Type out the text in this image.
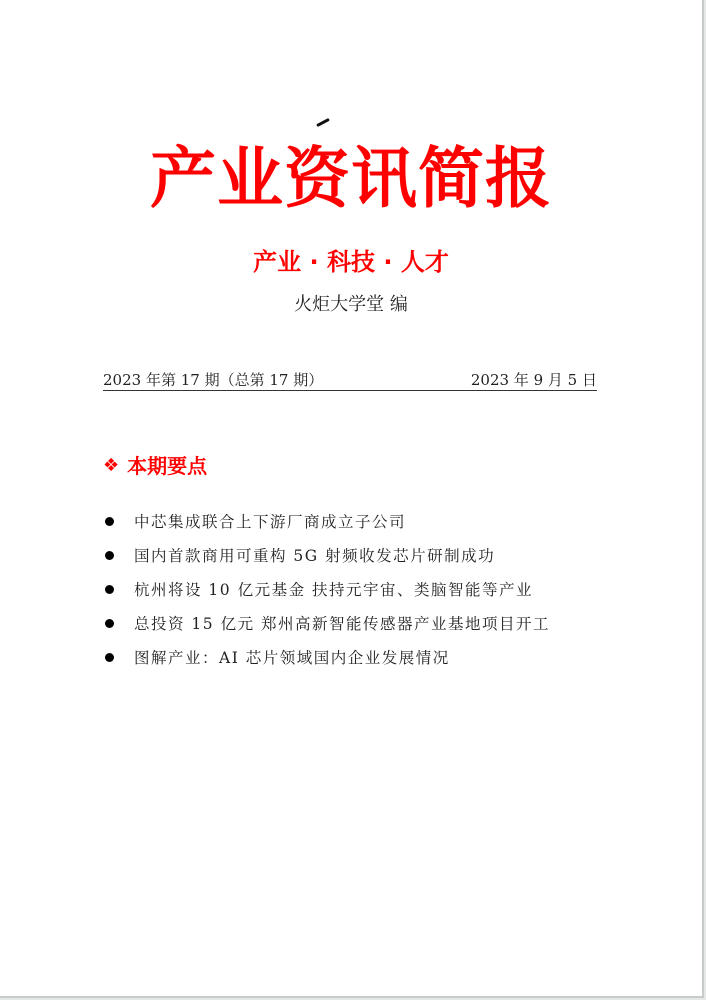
产业资讯简报
产业 · 科技 · 人才
火炬大学堂 编
2023 年第 17 期（总第 17 期）	2023 年 9 月 5 日
❖ 本期要点
中芯集成联合上下游厂商成立子公司
国内首款商用可重构 5G 射频收发芯片研制成功
杭州将设 10 亿元基金 扶持元宇宙、类脑智能等产业
总投资 15 亿元 郑州高新智能传感器产业基地项目开工
图解产业：AI 芯片领域国内企业发展情况
